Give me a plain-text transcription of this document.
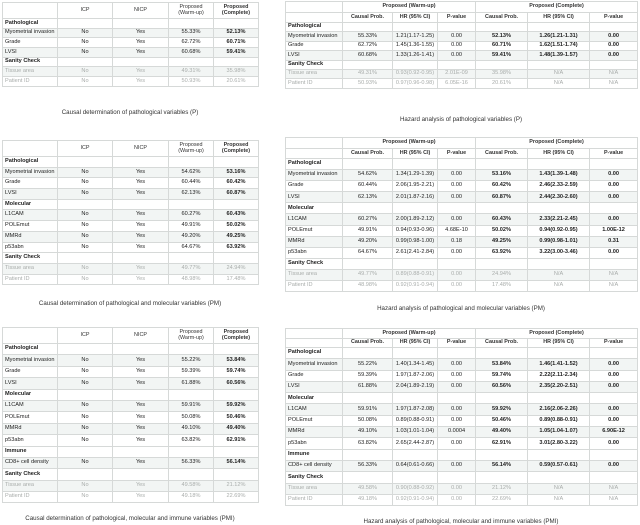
	ICP	NICP	Proposed (Warm-up)	Proposed (Complete)
Pathological				
Myometrial invasion	No	Yes	55.33%	52.13%
Grade	No	Yes	62.72%	60.71%
LVSI	No	Yes	60.68%	59.41%
Sanity Check				
Tissue area	No	Yes	49.31%	35.98%
Patient ID	No	Yes	50.93%	20.61%
Causal determination of pathological variables (P)
	ICP	NICP	Proposed (Warm-up)	Proposed (Complete)
Pathological				
Myometrial invasion	No	Yes	54.62%	53.16%
Grade	No	Yes	60.44%	60.42%
LVSI	No	Yes	62.13%	60.87%
Molecular				
L1CAM	No	Yes	60.27%	60.43%
POLEmut	No	Yes	49.91%	50.02%
MMRd	No	Yes	49.20%	49.25%
p53abn	No	Yes	64.67%	63.92%
Sanity Check				
Tissue area	No	Yes	49.77%	24.94%
Patient ID	No	Yes	48.98%	17.48%
Causal determination of pathological and molecular variables (PM)
	ICP	NICP	Proposed (Warm-up)	Proposed (Complete)
Pathological				
Myometrial invasion	No	Yes	55.22%	53.84%
Grade	No	Yes	59.39%	59.74%
LVSI	No	Yes	61.88%	60.56%
Molecular				
L1CAM	No	Yes	59.91%	59.92%
POLEmut	No	Yes	50.08%	50.46%
MMRd	No	Yes	49.10%	49.40%
p53abn	No	Yes	63.82%	62.91%
Immune				
CD8+ cell density	No	Yes	56.33%	56.14%
Sanity Check				
Tissue area	No	Yes	49.58%	21.12%
Patient ID	No	Yes	49.18%	22.69%
Causal determination of pathological, molecular and immune variables (PMI)
	Proposed (Warm-up)			Proposed (Complete)		
	Causal Prob.	HR (95% CI)	P-value	Causal Prob.	HR (95% CI)	P-value
Pathological						
Myometrial invasion	55.33%	1.21(1.17-1.25)	0.00	52.13%	1.26(1.21-1.31)	0.00
Grade	62.72%	1.45(1.36-1.55)	0.00	60.71%	1.62(1.51-1.74)	0.00
LVSI	60.68%	1.33(1.26-1.41)	0.00	59.41%	1.48(1.39-1.57)	0.00
Sanity Check						
Tissue area	49.31%	0.93(0.92-0.95)	2.01E-09	35.98%	N/A	N/A
Patient ID	50.93%	0.97(0.96-0.98)	6.05E-16	20.61%	N/A	N/A
Hazard analysis of pathological variables (P)
	Proposed (Warm-up)			Proposed (Complete)		
	Causal Prob.	HR (95% CI)	P-value	Causal Prob.	HR (95% CI)	P-value
Pathological						
Myometrial invasion	54.62%	1.34(1.29-1.39)	0.00	53.16%	1.43(1.39-1.48)	0.00
Grade	60.44%	2.06(1.95-2.21)	0.00	60.42%	2.46(2.33-2.59)	0.00
LVSI	62.13%	2.01(1.87-2.16)	0.00	60.87%	2.44(2.30-2.60)	0.00
Molecular						
L1CAM	60.27%	2.00(1.89-2.12)	0.00	60.43%	2.33(2.21-2.45)	0.00
POLEmut	49.91%	0.94(0.93-0.96)	4.68E-10	50.02%	0.94(0.92-0.95)	1.00E-12
MMRd	49.20%	0.99(0.98-1.00)	0.18	49.25%	0.99(0.98-1.01)	0.31
p53abn	64.67%	2.61(2.41-2.84)	0.00	63.92%	3.22(3.00-3.46)	0.00
Sanity Check						
Tissue area	49.77%	0.89(0.88-0.91)	0.00	24.94%	N/A	N/A
Patient ID	48.98%	0.92(0.91-0.94)	0.00	17.48%	N/A	N/A
Hazard analysis of pathological and molecular variables (PM)
	Proposed (Warm-up)			Proposed (Complete)		
	Causal Prob.	HR (95% CI)	P-value	Causal Prob.	HR (95% CI)	P-value
Pathological						
Myometrial invasion	55.22%	1.40(1.34-1.45)	0.00	53.84%	1.46(1.41-1.52)	0.00
Grade	59.39%	1.97(1.87-2.06)	0.00	59.74%	2.22(2.11-2.34)	0.00
LVSI	61.88%	2.04(1.89-2.19)	0.00	60.56%	2.35(2.20-2.51)	0.00
Molecular						
L1CAM	59.91%	1.97(1.87-2.08)	0.00	59.92%	2.16(2.06-2.26)	0.00
POLEmut	50.08%	0.89(0.88-0.91)	0.00	50.46%	0.89(0.88-0.91)	0.00
MMRd	49.10%	1.03(1.01-1.04)	0.0004	49.40%	1.05(1.04-1.07)	6.90E-12
p53abn	63.82%	2.65(2.44-2.87)	0.00	62.91%	3.01(2.80-3.22)	0.00
Immune						
CD8+ cell density	56.33%	0.64(0.61-0.66)	0.00	56.14%	0.59(0.57-0.61)	0.00
Sanity Check						
Tissue area	49.58%	0.90(0.88-0.92)	0.00	21.12%	N/A	N/A
Patient ID	49.18%	0.92(0.91-0.94)	0.00	22.69%	N/A	N/A
Hazard analysis of pathological, molecular and immune variables (PMI)
